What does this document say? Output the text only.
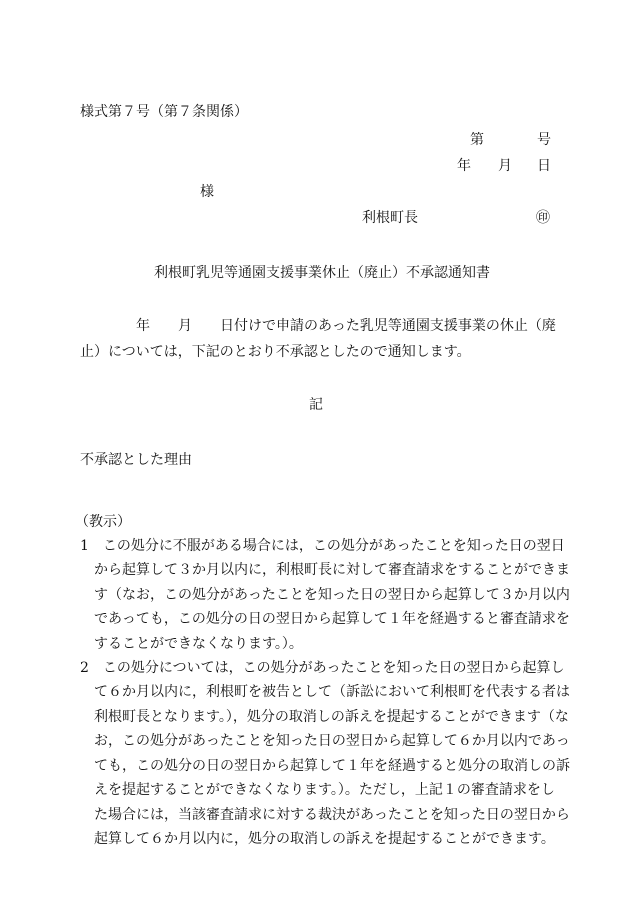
様式第７号（第７条関係）
第	号
年 月 日
様
利根町長	㊞
利根町乳児等通園支援事業休止（廃止）不承認通知書
　　　　年　　月　　日付けで申請のあった乳児等通園支援事業の休止（廃
止）については，下記のとおり不承認としたので通知します。
記
不承認とした理由
（教示）
1　この処分に不服がある場合には，この処分があったことを知った日の翌日
から起算して３か月以内に，利根町長に対して審査請求をすることができま
す（なお，この処分があったことを知った日の翌日から起算して３か月以内
であっても，この処分の日の翌日から起算して１年を経過すると審査請求を
することができなくなります。）。
2　この処分については，この処分があったことを知った日の翌日から起算し
て６か月以内に，利根町を被告として（訴訟において利根町を代表する者は
利根町長となります。），処分の取消しの訴えを提起することができます（な
お，この処分があったことを知った日の翌日から起算して６か月以内であっ
ても，この処分の日の翌日から起算して１年を経過すると処分の取消しの訴
えを提起することができなくなります。）。ただし，上記１の審査請求をし
た場合には，当該審査請求に対する裁決があったことを知った日の翌日から
起算して６か月以内に，処分の取消しの訴えを提起することができます。
